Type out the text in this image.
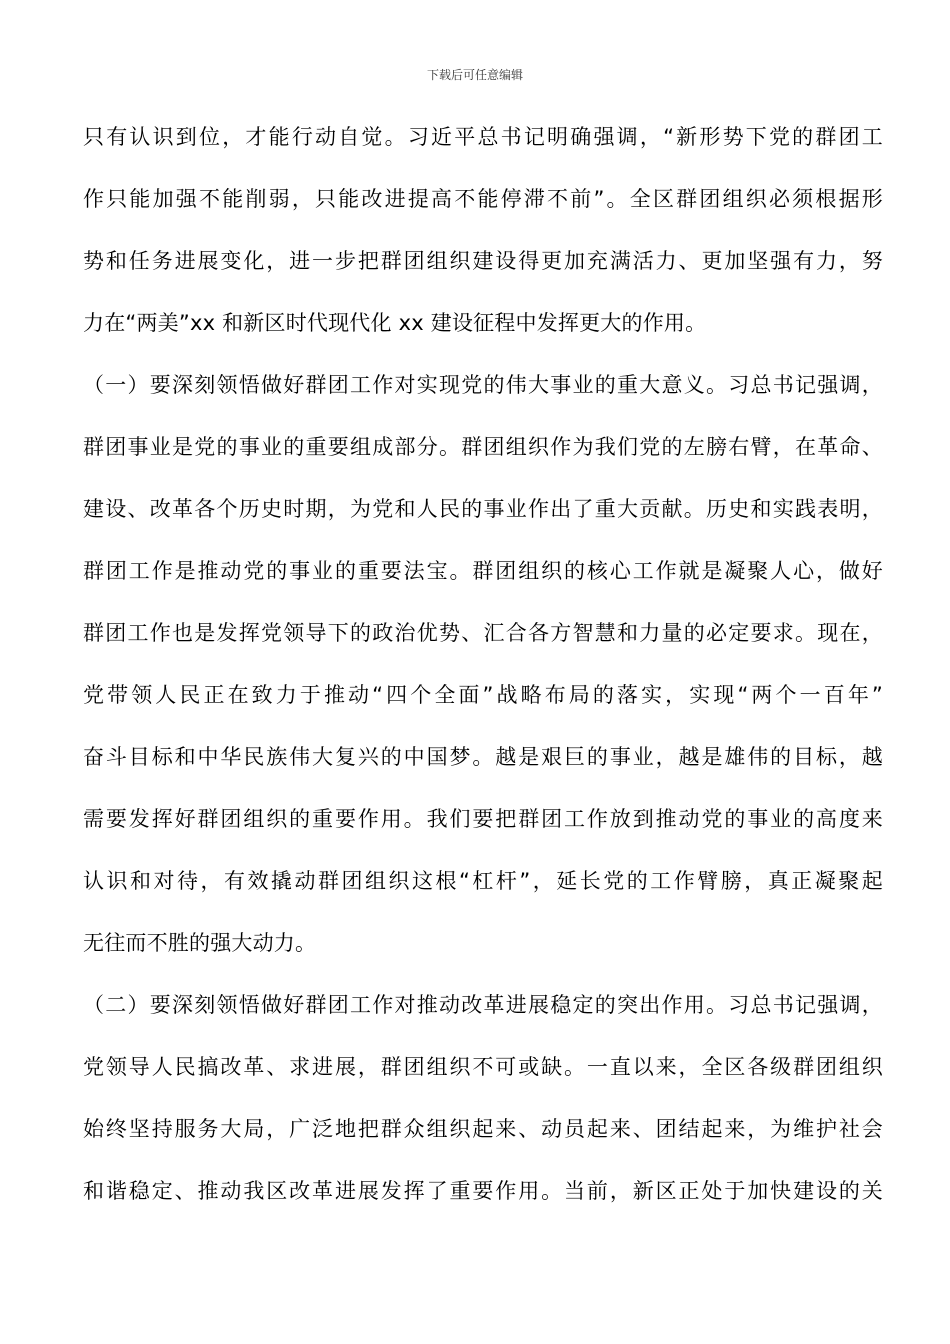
下载后可任意编辑
只有认识到位，才能行动自觉。习近平总书记明确强调，“新形势下党的群团工
作只能加强不能削弱，只能改进提高不能停滞不前”。全区群团组织必须根据形
势和任务进展变化，进一步把群团组织建设得更加充满活力、更加坚强有力，努
力在“两美”xx 和新区时代现代化 xx 建设征程中发挥更大的作用。
（一）要深刻领悟做好群团工作对实现党的伟大事业的重大意义。习总书记强调，
群团事业是党的事业的重要组成部分。群团组织作为我们党的左膀右臂，在革命、
建设、改革各个历史时期，为党和人民的事业作出了重大贡献。历史和实践表明，
群团工作是推动党的事业的重要法宝。群团组织的核心工作就是凝聚人心，做好
群团工作也是发挥党领导下的政治优势、汇合各方智慧和力量的必定要求。现在，
党带领人民正在致力于推动“四个全面”战略布局的落实，实现“两个一百年”
奋斗目标和中华民族伟大复兴的中国梦。越是艰巨的事业，越是雄伟的目标，越
需要发挥好群团组织的重要作用。我们要把群团工作放到推动党的事业的高度来
认识和对待，有效撬动群团组织这根“杠杆”，延长党的工作臂膀，真正凝聚起
无往而不胜的强大动力。
（二）要深刻领悟做好群团工作对推动改革进展稳定的突出作用。习总书记强调，
党领导人民搞改革、求进展，群团组织不可或缺。一直以来，全区各级群团组织
始终坚持服务大局，广泛地把群众组织起来、动员起来、团结起来，为维护社会
和谐稳定、推动我区改革进展发挥了重要作用。当前，新区正处于加快建设的关
